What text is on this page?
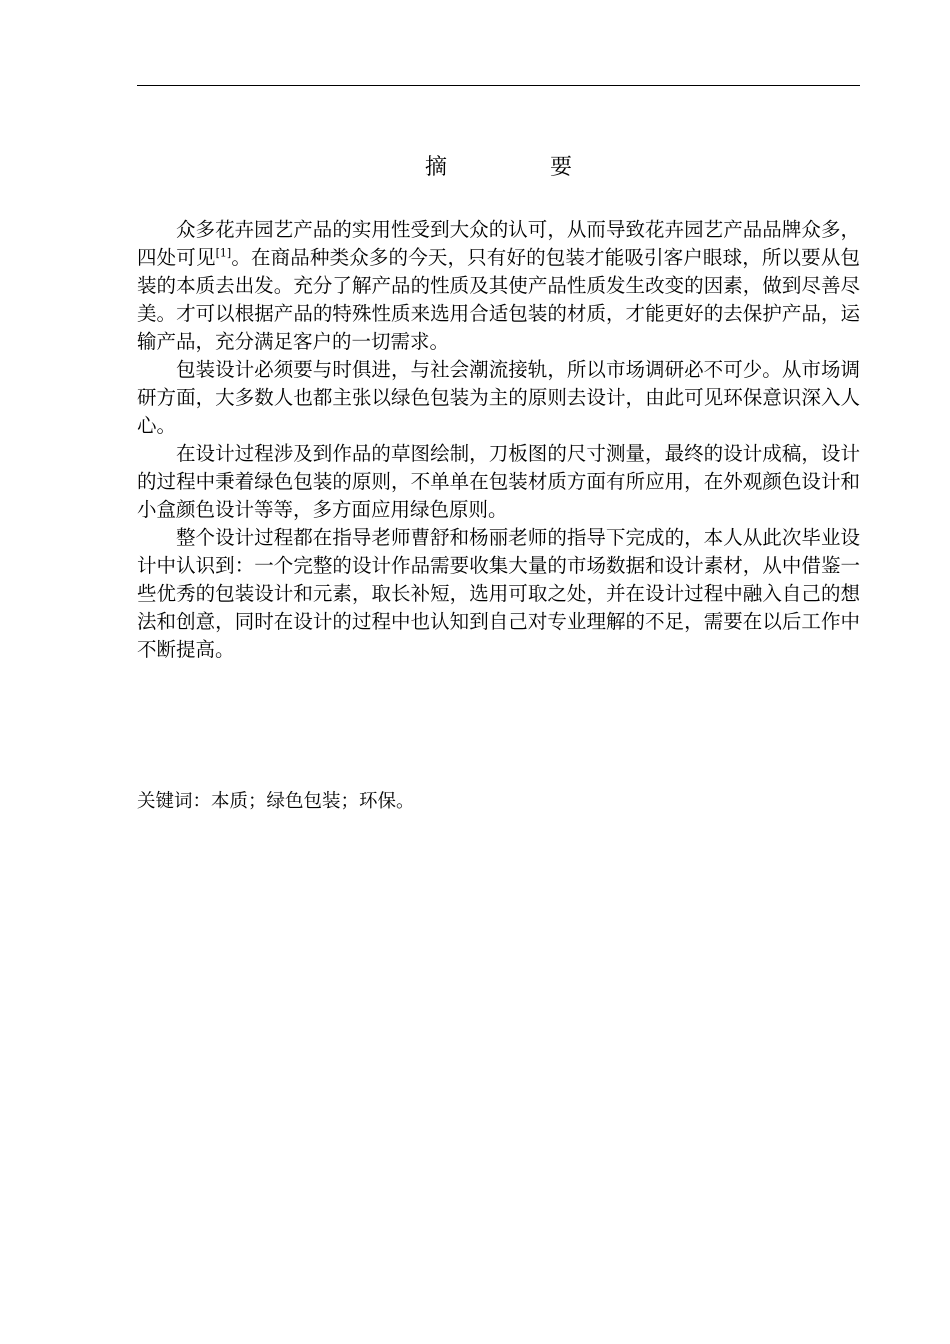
摘 要

众多花卉园艺产品的实用性受到大众的认可，从而导致花卉园艺产品品牌众多，四处可见[1]。在商品种类众多的今天，只有好的包装才能吸引客户眼球，所以要从包装的本质去出发。充分了解产品的性质及其使产品性质发生改变的因素，做到尽善尽美。才可以根据产品的特殊性质来选用合适包装的材质，才能更好的去保护产品，运输产品，充分满足客户的一切需求。

包装设计必须要与时俱进，与社会潮流接轨，所以市场调研必不可少。从市场调研方面，大多数人也都主张以绿色包装为主的原则去设计，由此可见环保意识深入人心。

在设计过程涉及到作品的草图绘制，刀板图的尺寸测量，最终的设计成稿，设计的过程中秉着绿色包装的原则，不单单在包装材质方面有所应用，在外观颜色设计和小盒颜色设计等等，多方面应用绿色原则。

整个设计过程都在指导老师曹舒和杨丽老师的指导下完成的，本人从此次毕业设计中认识到：一个完整的设计作品需要收集大量的市场数据和设计素材，从中借鉴一些优秀的包装设计和元素，取长补短，选用可取之处，并在设计过程中融入自己的想法和创意，同时在设计的过程中也认知到自己对专业理解的不足，需要在以后工作中不断提高。

关键词：本质；绿色包装；环保。
